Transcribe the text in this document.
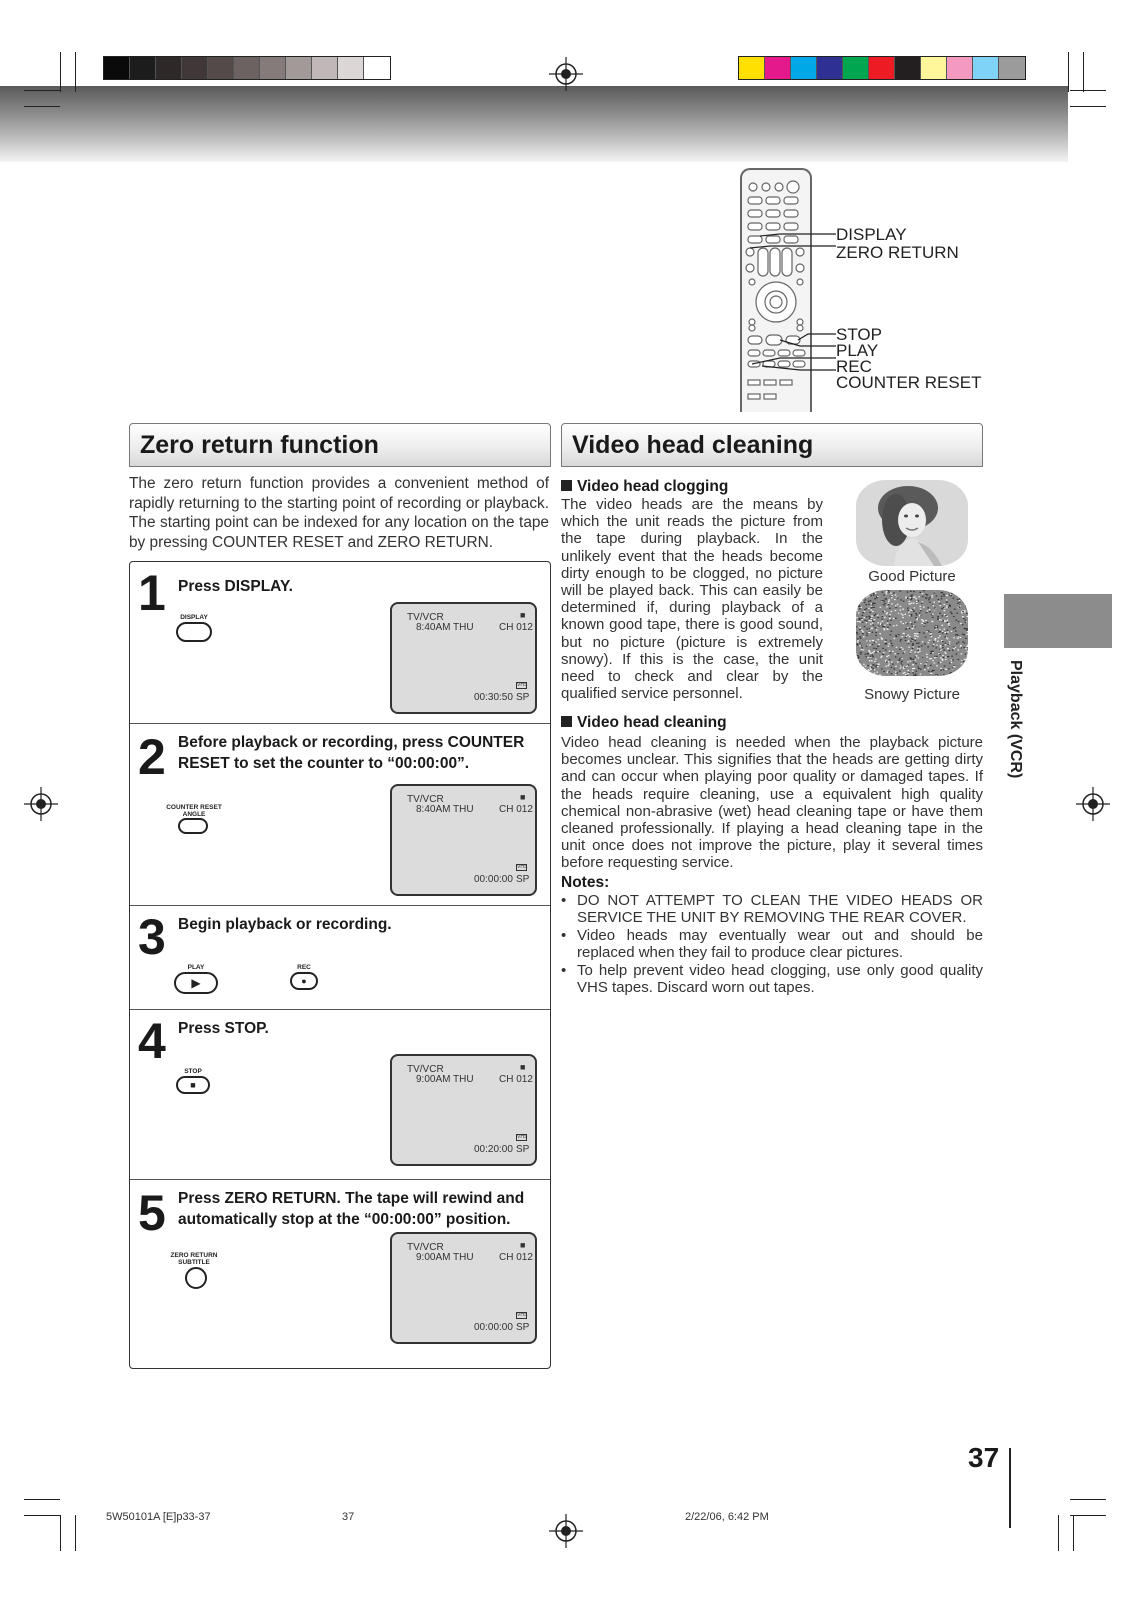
DISPLAY
ZERO RETURN
STOP
PLAY
REC
COUNTER RESET
Zero return function

The zero return function provides a convenient method of rapidly returning to the starting point of recording or playback. The starting point can be indexed for any location on the tape by pressing COUNTER RESET and ZERO RETURN.

1 Press DISPLAY.
DISPLAY	TV/VCR	■
8:40AM THU	CH 012
VHS
00:30:50 SP
2 Before playback or recording, press COUNTER RESET to set the counter to “00:00:00”.
COUNTER RESET
ANGLE
TV/VCR	■
8:40AM THU	CH 012
VHS
00:00:00 SP
3 Begin playback or recording.
PLAY
▶
REC
●
4 Press STOP.
STOP
■
TV/VCR	■
9:00AM THU	CH 012
VHS
00:20:00 SP
5 Press ZERO RETURN. The tape will rewind and automatically stop at the “00:00:00” position.
ZERO RETURN
SUBTITLE
TV/VCR	■
9:00AM THU	CH 012
VHS
00:00:00 SP
Video head cleaning
Video head clogging

The video heads are the means by which the unit reads the picture from the tape during playback. In the unlikely event that the heads become dirty enough to be clogged, no picture will be played back. This can easily be determined if, during playback of a known good tape, there is good sound, but no picture (picture is extremely snowy). If this is the case, the unit need to check and clear by the qualified service personnel.

Good Picture
Snowy Picture
Video head cleaning

Video head cleaning is needed when the playback picture becomes unclear. This signifies that the heads are getting dirty and can occur when playing poor quality or damaged tapes. If the heads require cleaning, use a equivalent high quality chemical non-abrasive (wet) head cleaning tape or have them cleaned professionally. If playing a head cleaning tape in the unit once does not improve the picture, play it several times before requesting service.

Notes:
• DO NOT ATTEMPT TO CLEAN THE VIDEO HEADS OR SERVICE THE UNIT BY REMOVING THE REAR COVER.
• Video heads may eventually wear out and should be replaced when they fail to produce clear pictures.
• To help prevent video head clogging, use only good quality VHS tapes. Discard worn out tapes.
Playback (VCR)
37
5W50101A [E]p33-37	37	2/22/06, 6:42 PM
